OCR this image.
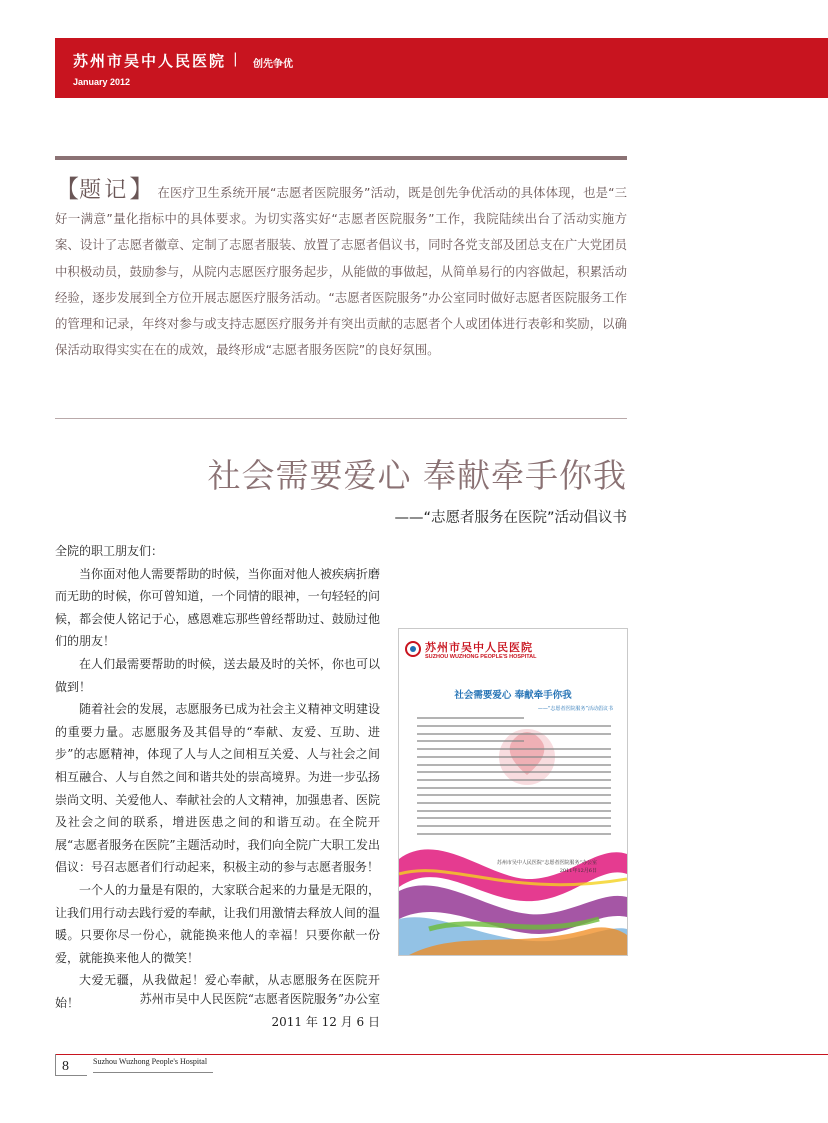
苏州市吴中人民医院 | 创先争优
January 2012
【题记】 在医疗卫生系统开展“志愿者医院服务”活动，既是创先争优活动的具体体现，也是“三好一满意”量化指标中的具体要求。为切实落实好“志愿者医院服务”工作，我院陆续出台了活动实施方案、设计了志愿者徽章、定制了志愿者服装、放置了志愿者倡议书，同时各党支部及团总支在广大党团员中积极动员，鼓励参与，从院内志愿医疗服务起步，从能做的事做起，从简单易行的内容做起，积累活动经验，逐步发展到全方位开展志愿医疗服务活动。“志愿者医院服务”办公室同时做好志愿者医院服务工作的管理和记录，年终对参与或支持志愿医疗服务并有突出贡献的志愿者个人或团体进行表彰和奖励，以确保活动取得实实在在的成效，最终形成“志愿者服务医院”的良好氛围。
社会需要爱心 奉献牵手你我
——“志愿者服务在医院”活动倡议书

全院的职工朋友们：

当你面对他人需要帮助的时候，当你面对他人被疾病折磨而无助的时候，你可曾知道，一个同情的眼神，一句轻轻的问候，都会使人铭记于心，感恩难忘那些曾经帮助过、鼓励过他们的朋友！

在人们最需要帮助的时候，送去最及时的关怀，你也可以做到！

随着社会的发展，志愿服务已成为社会主义精神文明建设的重要力量。志愿服务及其倡导的“奉献、友爱、互助、进步”的志愿精神，体现了人与人之间相互关爱、人与社会之间相互融合、人与自然之间和谐共处的崇高境界。为进一步弘扬崇尚文明、关爱他人、奉献社会的人文精神，加强患者、医院及社会之间的联系，增进医患之间的和谐互动。在全院开展“志愿者服务在医院”主题活动时，我们向全院广大职工发出倡议：号召志愿者们行动起来，积极主动的参与志愿者服务！

一个人的力量是有限的，大家联合起来的力量是无限的，让我们用行动去践行爱的奉献，让我们用激情去释放人间的温暖。只要你尽一份心，就能换来他人的幸福！只要你献一份爱，就能换来他人的微笑！

大爱无疆，从我做起！爱心奉献，从志愿服务在医院开始！	苏州市吴中人民医院“志愿者医院服务”办公室
2011 年 12 月 6 日
苏州市吴中人民医院
SUZHOU WUZHONG PEOPLE'S HOSPITAL
社会需要爱心 奉献牵手你我
——“志愿者医院服务”活动倡议书
苏州市吴中人民医院“志愿者医院服务”办公室
2011年12月6日
8	Suzhou Wuzhong People's Hospital
